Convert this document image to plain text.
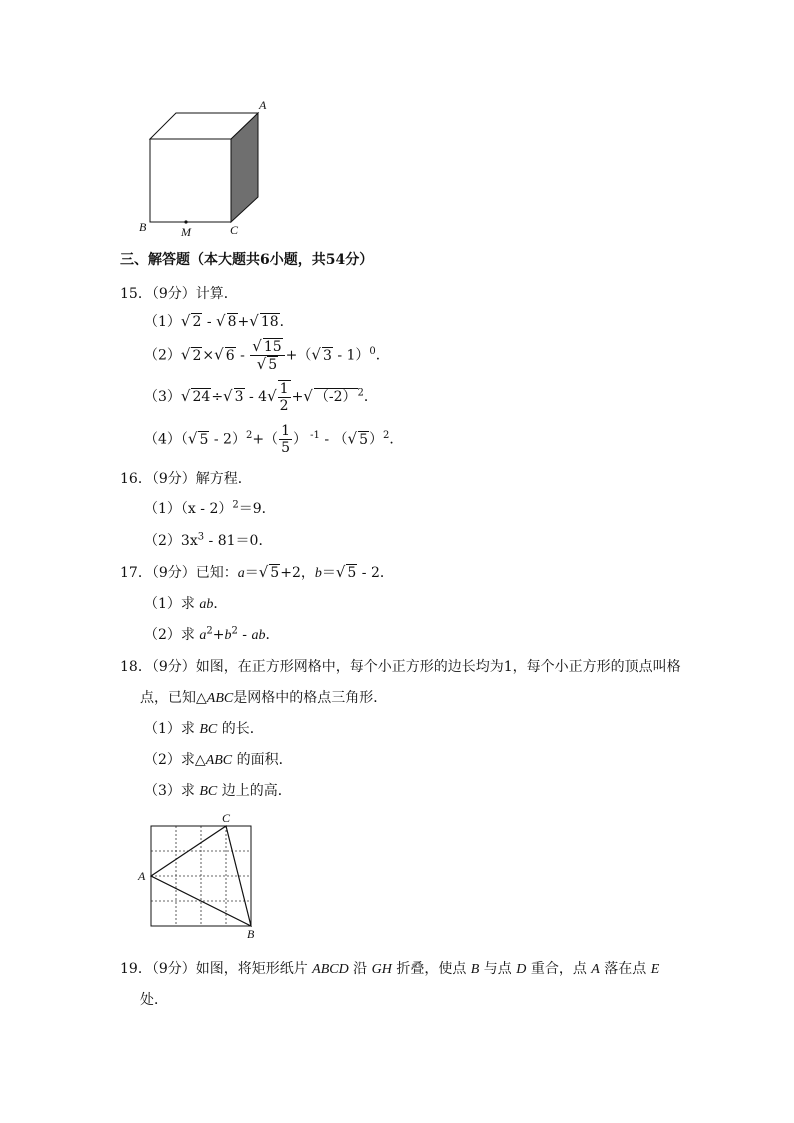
A
B	C
M
三、解答题（本大题共6小题，共54分）
15．（9分）计算．
（1）√ 2 - √ 8+√ 18．
（2）√ 2×√ $6 - \frac{√ 15}{√ 5}$ +（√ 3 - 1）$^0$．
（3）√ 24÷√ $3 - 4√ \frac{1}{2}$ +√ $(-2)^2$．
（4）（√ $5 - 2)^2+( \frac{1}{5}$ ） $^{-1}$ - （√ 5）$^2$．
16．（9分）解方程．
（1）（x - 2）$^2$＝9．
$(2)3x^3 - 81=0$．
17．（9分）已知：a＝√ 5+2，b＝√ 5 - 2．
（1）求 ab．
（2）求 $a^2+b^2$ - ab．
18．（9分）如图，在正方形网格中，每个小正方形的边长均为1，每个小正方形的顶点叫格
点，已知△ABC是网格中的格点三角形．
（1）求 BC 的长．
（2）求△ABC 的面积．
（3）求 BC 边上的高．
A
C
B
19．（9分）如图，将矩形纸片 ABCD 沿 GH 折叠，使点 B 与点 D 重合，点 A 落在点 E
处．
